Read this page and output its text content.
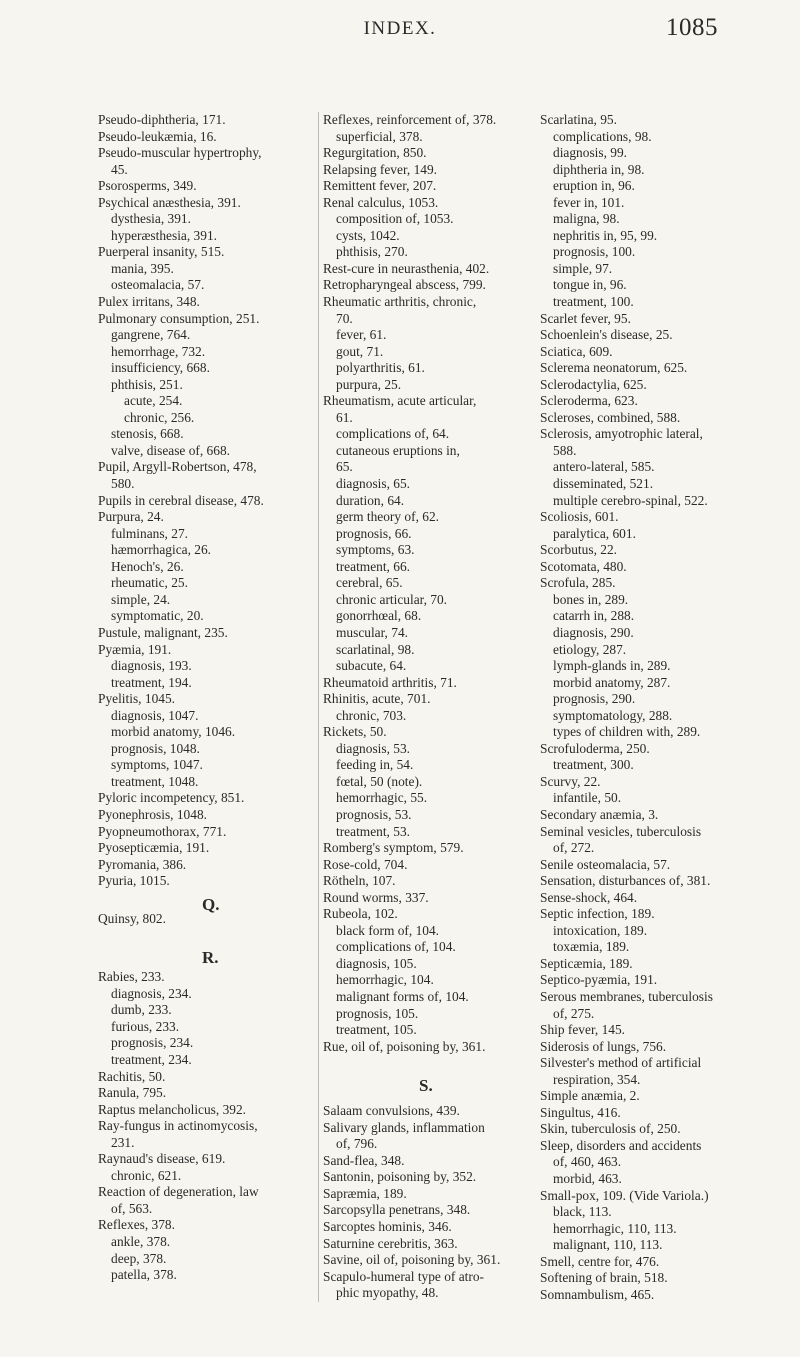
INDEX.	1085
Pseudo-diphtheria, 171.
Pseudo-leukæmia, 16.
Pseudo-muscular hypertrophy,
45.
Psorosperms, 349.
Psychical anæsthesia, 391.
dysthesia, 391.
hyperæsthesia, 391.
Puerperal insanity, 515.
mania, 395.
osteomalacia, 57.
Pulex irritans, 348.
Pulmonary consumption, 251.
gangrene, 764.
hemorrhage, 732.
insufficiency, 668.
phthisis, 251.
acute, 254.
chronic, 256.
stenosis, 668.
valve, disease of, 668.
Pupil, Argyll-Robertson, 478,
580.
Pupils in cerebral disease, 478.
Purpura, 24.
fulminans, 27.
hæmorrhagica, 26.
Henoch's, 26.
rheumatic, 25.
simple, 24.
symptomatic, 20.
Pustule, malignant, 235.
Pyæmia, 191.
diagnosis, 193.
treatment, 194.
Pyelitis, 1045.
diagnosis, 1047.
morbid anatomy, 1046.
prognosis, 1048.
symptoms, 1047.
treatment, 1048.
Pyloric incompetency, 851.
Pyonephrosis, 1048.
Pyopneumothorax, 771.
Pyosepticæmia, 191.
Pyromania, 386.
Pyuria, 1015.
Q.
Quinsy, 802.
R.
Rabies, 233.
diagnosis, 234.
dumb, 233.
furious, 233.
prognosis, 234.
treatment, 234.
Rachitis, 50.
Ranula, 795.
Raptus melancholicus, 392.
Ray-fungus in actinomycosis,
231.
Raynaud's disease, 619.
chronic, 621.
Reaction of degeneration, law
of, 563.
Reflexes, 378.
ankle, 378.
deep, 378.
patella, 378.
Reflexes, reinforcement of, 378.
superficial, 378.
Regurgitation, 850.
Relapsing fever, 149.
Remittent fever, 207.
Renal calculus, 1053.
composition of, 1053.
cysts, 1042.
phthisis, 270.
Rest-cure in neurasthenia, 402.
Retropharyngeal abscess, 799.
Rheumatic arthritis, chronic,
70.
fever, 61.
gout, 71.
polyarthritis, 61.
purpura, 25.
Rheumatism, acute articular,
61.
complications of, 64.
cutaneous eruptions in,
65.
diagnosis, 65.
duration, 64.
germ theory of, 62.
prognosis, 66.
symptoms, 63.
treatment, 66.
cerebral, 65.
chronic articular, 70.
gonorrhœal, 68.
muscular, 74.
scarlatinal, 98.
subacute, 64.
Rheumatoid arthritis, 71.
Rhinitis, acute, 701.
chronic, 703.
Rickets, 50.
diagnosis, 53.
feeding in, 54.
fœtal, 50 (note).
hemorrhagic, 55.
prognosis, 53.
treatment, 53.
Romberg's symptom, 579.
Rose-cold, 704.
Rötheln, 107.
Round worms, 337.
Rubeola, 102.
black form of, 104.
complications of, 104.
diagnosis, 105.
hemorrhagic, 104.
malignant forms of, 104.
prognosis, 105.
treatment, 105.
Rue, oil of, poisoning by, 361.
S.
Salaam convulsions, 439.
Salivary glands, inflammation
of, 796.
Sand-flea, 348.
Santonin, poisoning by, 352.
Sapræmia, 189.
Sarcopsylla penetrans, 348.
Sarcoptes hominis, 346.
Saturnine cerebritis, 363.
Savine, oil of, poisoning by, 361.
Scapulo-humeral type of atro-
phic myopathy, 48.
Scarlatina, 95.
complications, 98.
diagnosis, 99.
diphtheria in, 98.
eruption in, 96.
fever in, 101.
maligna, 98.
nephritis in, 95, 99.
prognosis, 100.
simple, 97.
tongue in, 96.
treatment, 100.
Scarlet fever, 95.
Schoenlein's disease, 25.
Sciatica, 609.
Sclerema neonatorum, 625.
Sclerodactylia, 625.
Scleroderma, 623.
Scleroses, combined, 588.
Sclerosis, amyotrophic lateral,
588.
antero-lateral, 585.
disseminated, 521.
multiple cerebro-spinal, 522.
Scoliosis, 601.
paralytica, 601.
Scorbutus, 22.
Scotomata, 480.
Scrofula, 285.
bones in, 289.
catarrh in, 288.
diagnosis, 290.
etiology, 287.
lymph-glands in, 289.
morbid anatomy, 287.
prognosis, 290.
symptomatology, 288.
types of children with, 289.
Scrofuloderma, 250.
treatment, 300.
Scurvy, 22.
infantile, 50.
Secondary anæmia, 3.
Seminal vesicles, tuberculosis
of, 272.
Senile osteomalacia, 57.
Sensation, disturbances of, 381.
Sense-shock, 464.
Septic infection, 189.
intoxication, 189.
toxæmia, 189.
Septicæmia, 189.
Septico-pyæmia, 191.
Serous membranes, tuberculosis
of, 275.
Ship fever, 145.
Siderosis of lungs, 756.
Silvester's method of artificial
respiration, 354.
Simple anæmia, 2.
Singultus, 416.
Skin, tuberculosis of, 250.
Sleep, disorders and accidents
of, 460, 463.
morbid, 463.
Small-pox, 109. (Vide Variola.)
black, 113.
hemorrhagic, 110, 113.
malignant, 110, 113.
Smell, centre for, 476.
Softening of brain, 518.
Somnambulism, 465.
